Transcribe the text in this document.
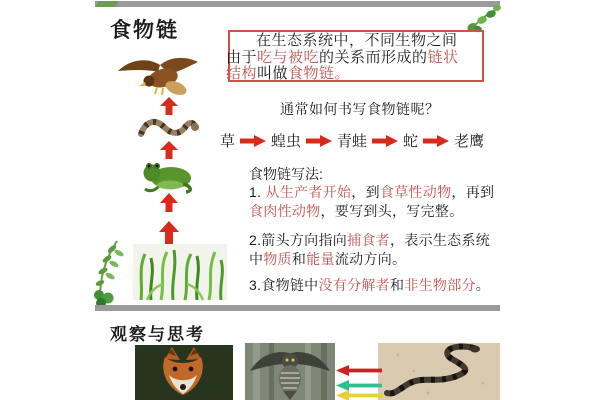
食物链	在生态系统中，不同生物之间
由于吃与被吃的关系而形成的链状
结构叫做食物链。
通常如何书写食物链呢？
草 蝗虫 青蛙 蛇 老鹰
食物链写法:
1. 从生产者开始，到食草性动物，再到
食肉性动物，要写到头，写完整。
2.箭头方向指向捕食者，表示生态系统
中物质和能量流动方向。
3.食物链中没有分解者和非生物部分。
观察与思考
